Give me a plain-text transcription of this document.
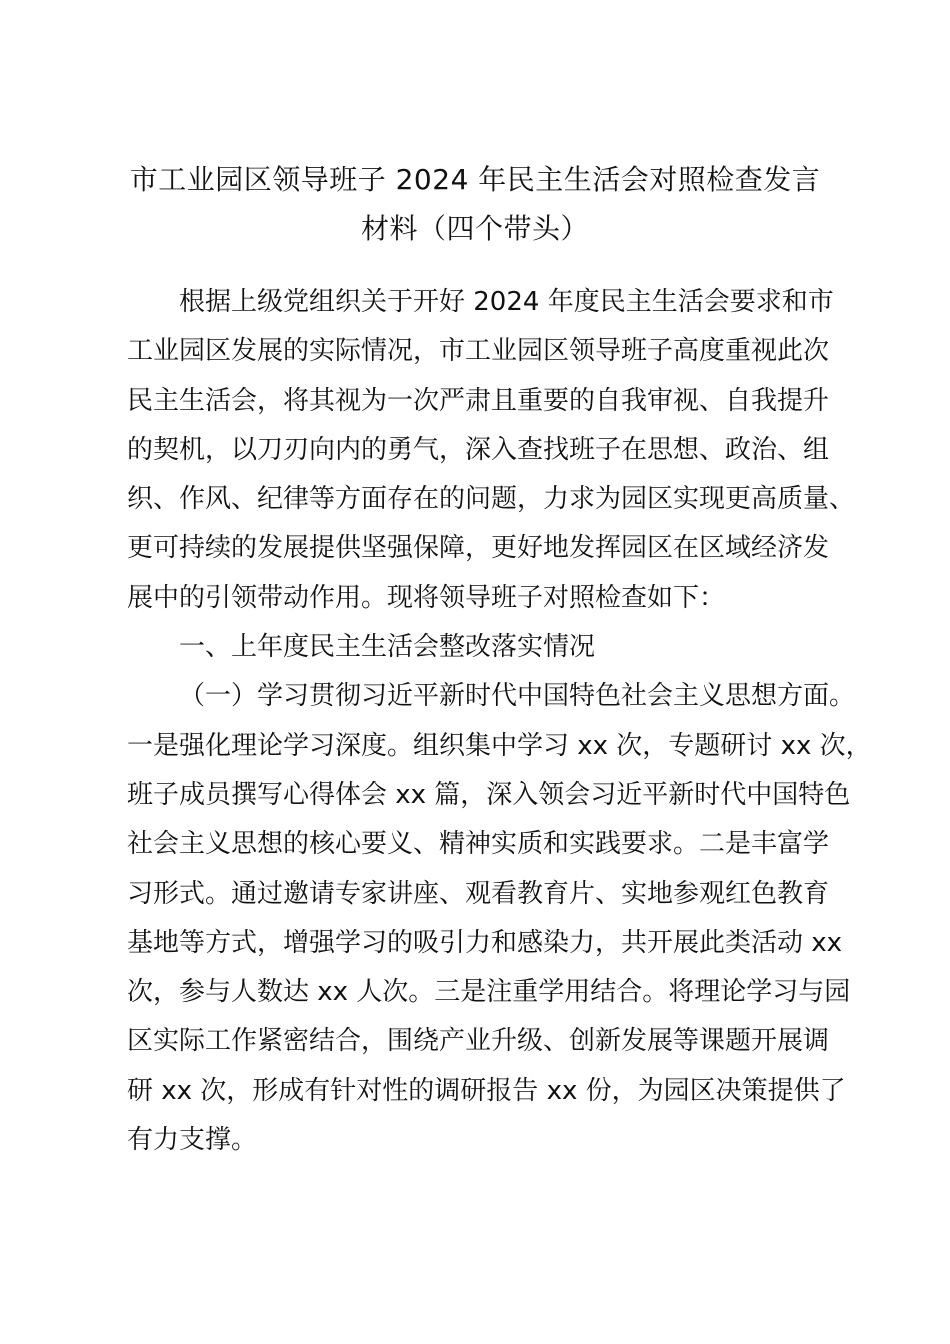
市工业园区领导班子 2024 年民主生活会对照检查发言
材料（四个带头）
根据上级党组织关于开好 2024 年度民主生活会要求和市
工业园区发展的实际情况，市工业园区领导班子高度重视此次
民主生活会，将其视为一次严肃且重要的自我审视、自我提升
的契机，以刀刃向内的勇气，深入查找班子在思想、政治、组
织、作风、纪律等方面存在的问题，力求为园区实现更高质量、
更可持续的发展提供坚强保障，更好地发挥园区在区域经济发
展中的引领带动作用。现将领导班子对照检查如下：
一、上年度民主生活会整改落实情况
（一）学习贯彻习近平新时代中国特色社会主义思想方面。
一是强化理论学习深度。组织集中学习 xx 次，专题研讨 xx 次，
班子成员撰写心得体会 xx 篇，深入领会习近平新时代中国特色
社会主义思想的核心要义、精神实质和实践要求。二是丰富学
习形式。通过邀请专家讲座、观看教育片、实地参观红色教育
基地等方式，增强学习的吸引力和感染力，共开展此类活动 xx
次，参与人数达 xx 人次。三是注重学用结合。将理论学习与园
区实际工作紧密结合，围绕产业升级、创新发展等课题开展调
研 xx 次，形成有针对性的调研报告 xx 份，为园区决策提供了
有力支撑。
